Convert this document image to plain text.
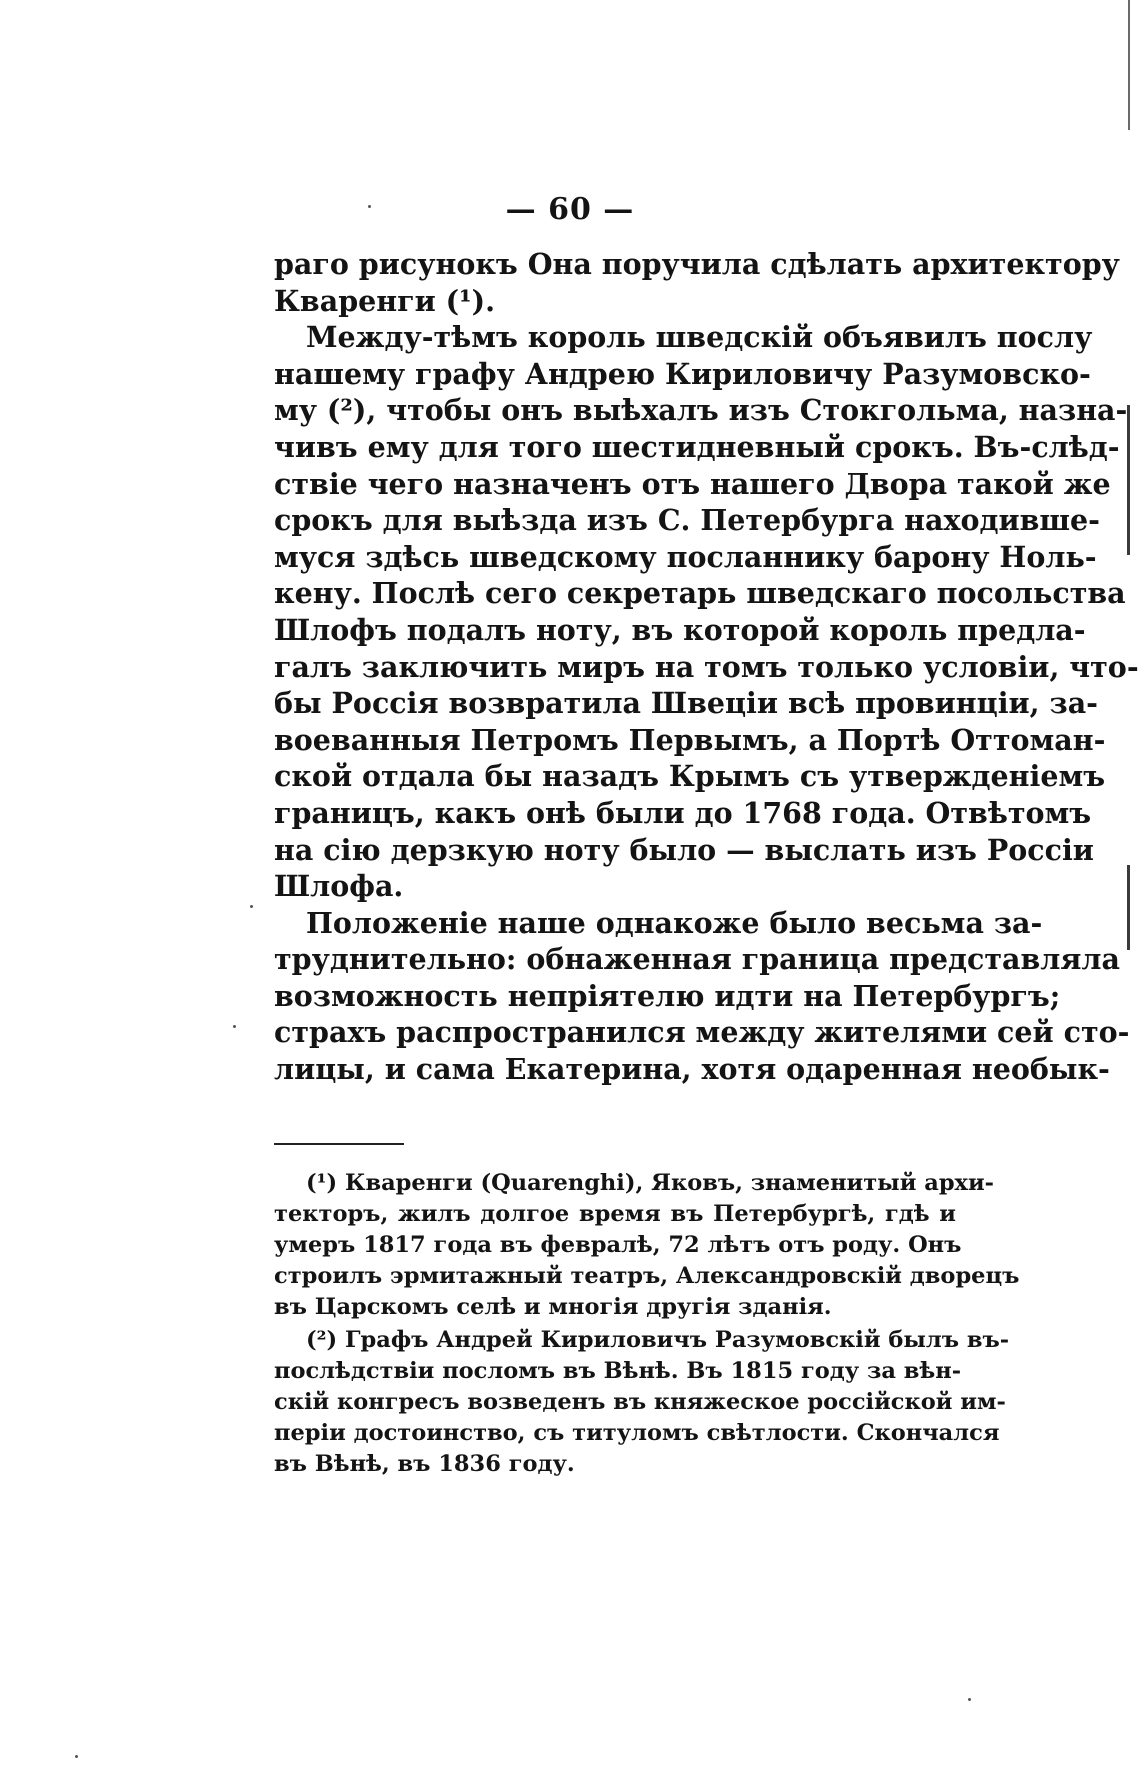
— 60 —
раго рисунокъ Она поручила сдѣлать архитектору
Кваренги (¹).
Между-тѣмъ король шведскій объявилъ послу
нашему графу Андрею Кириловичу Разумовско-
му (²), чтобы онъ выѣхалъ изъ Стокгольма, назна-
чивъ ему для того шестидневный срокъ. Въ-слѣд-
ствіе чего назначенъ отъ нашего Двора такой же
срокъ для выѣзда изъ С. Петербурга находивше-
муся здѣсь шведскому посланнику барону Ноль-
кену. Послѣ сего секретарь шведскаго посольства
Шлофъ подалъ ноту, въ которой король предла-
галъ заключить миръ на томъ только условіи, что-
бы Россія возвратила Швеціи всѣ провинціи, за-
воеванныя Петромъ Первымъ, а Портѣ Оттоман-
ской отдала бы назадъ Крымъ съ утвержденіемъ
границъ, какъ онѣ были до 1768 года. Отвѣтомъ
на сію дерзкую ноту было — выслать изъ Россіи
Шлофа.
Положеніе наше однакоже было весьма за-
труднительно: обнаженная граница представляла
возможность непріятелю идти на Петербургъ;
страхъ распространился между жителями сей сто-
лицы, и сама Екатерина, хотя одаренная необык-
(¹) Кваренги (Quarenghi), Яковъ, знаменитый архи-
текторъ, жилъ долгое время въ Петербургѣ, гдѣ и
умеръ 1817 года въ февралѣ, 72 лѣтъ отъ роду. Онъ
строилъ эрмитажный театръ, Александровскій дворецъ
въ Царскомъ селѣ и многія другія зданія.
(²) Графъ Андрей Кириловичъ Разумовскій былъ въ-
послѣдствіи посломъ въ Вѣнѣ. Въ 1815 году за вѣн-
скій конгресъ возведенъ въ княжеское россійской им-
періи достоинство, съ титуломъ свѣтлости. Скончался
въ Вѣнѣ, въ 1836 году.
